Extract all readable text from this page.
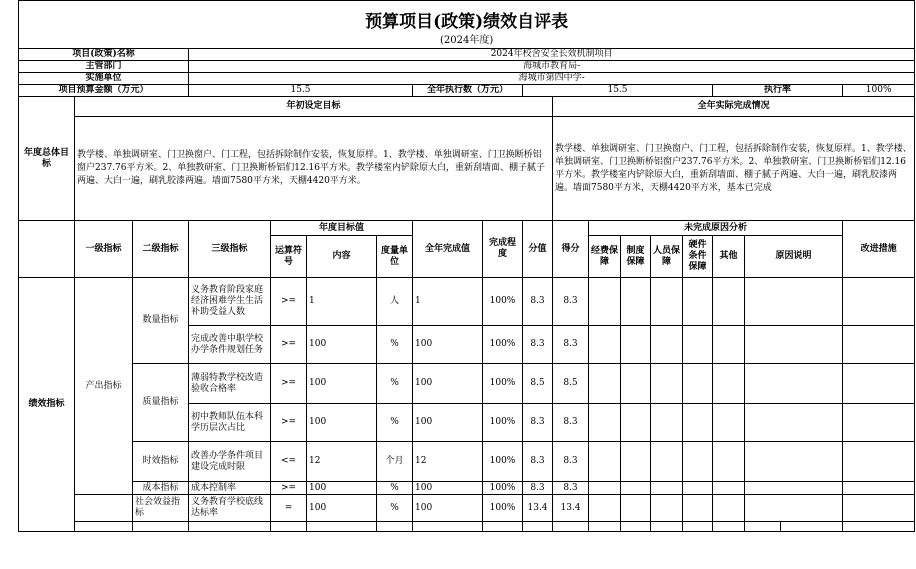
预算项目(政策)绩效自评表																		
(2024年度)																		
项目(政策)名称			2024年校舍安全长效机制项目															
主管部门			海城市教育局-															
实施单位			海城市第四中学-															
项目预算金额（万元）			15.5				全年执行数（万元）		15.5						执行率			100%
年度总体目标	年初设定目标									全年实际完成情况								
	教学楼、单独调研室、门卫换窗户、门工程，包括拆除制作安装，恢复原样。1、教学楼、单独调研室、门卫换断桥铝窗户237.76平方米。2、单独教研室、门卫换断桥铝们12.16平方米。教学楼室内铲除原大白，重新刮墙面、棚子腻子两遍、大白一遍，刷乳胶漆两遍。墙面7580平方米，天棚4420平方米。									教学楼、单独调研室、门卫换窗户、门工程，包括拆除制作安装，恢复原样。1、教学楼、单独调研室、门卫换断桥铝窗户237.76平方米。2、单独教研室、门卫换断桥铝们12.16平方米。教学楼室内铲除原大白，重新刮墙面、棚子腻子两遍、大白一遍，刷乳胶漆两遍。墙面7580平方米，天棚4420平方米，基本已完成								
	一级指标	二级指标	三级指标	年度目标值			全年完成值	完成程度	分值	得分	未完成原因分析							改进措施
				运算符号	内容	度量单位					经费保障	制度保障	人员保障	硬件条件保障	其他	原因说明		
绩效指标	产出指标	数量指标	义务教育阶段家庭经济困难学生生活补助受益人数	>=	1	人	1	100%	8.3	8.3								
			完成改善中职学校办学条件规划任务	>=	100	%	100	100%	8.3	8.3								
		质量指标	薄弱特教学校改造验收合格率	>=	100	%	100	100%	8.5	8.5								
			初中教师队伍本科学历层次占比	>=	100	%	100	100%	8.3	8.3								
		时效指标	改善办学条件项目建设完成时限	<=	12	个月	12	100%	8.3	8.3								
		成本指标	成本控制率	>=	100	%	100	100%	8.3	8.3								
		社会效益指标	义务教育学校底线达标率	=	100	%	100	100%	13.4	13.4								
